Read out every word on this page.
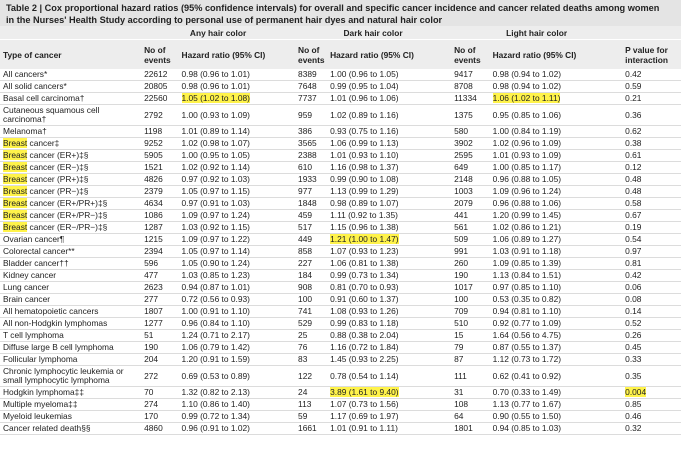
Table 2 | Cox proportional hazard ratios (95% confidence intervals) for overall and specific cancer incidence and cancer related deaths among women
in the Nurses' Health Study according to personal use of permanent hair dyes and natural hair color
	Any hair color		Dark hair color		Light hair color		
Type of cancer	No of events	Hazard ratio (95% CI)	No of events	Hazard ratio (95% CI)	No of events	Hazard ratio (95% CI)	P value for interaction
All cancers*	22612	0.98 (0.96 to 1.01)	8389	1.00 (0.96 to 1.05)	9417	0.98 (0.94 to 1.02)	0.42
All solid cancers*	20805	0.98 (0.96 to 1.01)	7648	0.99 (0.95 to 1.04)	8708	0.98 (0.94 to 1.02)	0.59
Basal cell carcinoma†	22560	1.05 (1.02 to 1.08)	7737	1.01 (0.96 to 1.06)	11334	1.06 (1.02 to 1.11)	0.21
Cutaneous squamous cell carcinoma†	2792	1.00 (0.93 to 1.09)	959	1.02 (0.89 to 1.16)	1375	0.95 (0.85 to 1.06)	0.36
Melanoma†	1198	1.01 (0.89 to 1.14)	386	0.93 (0.75 to 1.16)	580	1.00 (0.84 to 1.19)	0.62
Breast cancer‡	9252	1.02 (0.98 to 1.07)	3565	1.06 (0.99 to 1.13)	3902	1.02 (0.96 to 1.09)	0.38
Breast cancer (ER+)‡§	5905	1.00 (0.95 to 1.05)	2388	1.01 (0.93 to 1.10)	2595	1.01 (0.93 to 1.09)	0.61
Breast cancer (ER−)‡§	1521	1.02 (0.92 to 1.14)	610	1.16 (0.98 to 1.37)	649	1.00 (0.85 to 1.17)	0.12
Breast cancer (PR+)‡§	4826	0.97 (0.92 to 1.03)	1933	0.99 (0.90 to 1.08)	2148	0.96 (0.88 to 1.05)	0.48
Breast cancer (PR−)‡§	2379	1.05 (0.97 to 1.15)	977	1.13 (0.99 to 1.29)	1003	1.09 (0.96 to 1.24)	0.48
Breast cancer (ER+/PR+)‡§	4634	0.97 (0.91 to 1.03)	1848	0.98 (0.89 to 1.07)	2079	0.96 (0.88 to 1.06)	0.58
Breast cancer (ER+/PR−)‡§	1086	1.09 (0.97 to 1.24)	459	1.11 (0.92 to 1.35)	441	1.20 (0.99 to 1.45)	0.67
Breast cancer (ER−/PR−)‡§	1287	1.03 (0.92 to 1.15)	517	1.15 (0.96 to 1.38)	561	1.02 (0.86 to 1.21)	0.19
Ovarian cancer¶	1215	1.09 (0.97 to 1.22)	449	1.21 (1.00 to 1.47)	509	1.06 (0.89 to 1.27)	0.54
Colorectal cancer**	2394	1.05 (0.97 to 1.14)	858	1.07 (0.93 to 1.23)	991	1.03 (0.91 to 1.18)	0.97
Bladder cancer††	596	1.05 (0.90 to 1.24)	227	1.06 (0.81 to 1.38)	260	1.09 (0.85 to 1.39)	0.81
Kidney cancer	477	1.03 (0.85 to 1.23)	184	0.99 (0.73 to 1.34)	190	1.13 (0.84 to 1.51)	0.42
Lung cancer	2623	0.94 (0.87 to 1.01)	908	0.81 (0.70 to 0.93)	1017	0.97 (0.85 to 1.10)	0.06
Brain cancer	277	0.72 (0.56 to 0.93)	100	0.91 (0.60 to 1.37)	100	0.53 (0.35 to 0.82)	0.08
All hematopoietic cancers	1807	1.00 (0.91 to 1.10)	741	1.08 (0.93 to 1.26)	709	0.94 (0.81 to 1.10)	0.14
All non-Hodgkin lymphomas	1277	0.96 (0.84 to 1.10)	529	0.99 (0.83 to 1.18)	510	0.92 (0.77 to 1.09)	0.52
T cell lymphoma	51	1.24 (0.71 to 2.17)	25	0.88 (0.38 to 2.04)	15	1.64 (0.56 to 4.75)	0.26
Diffuse large B cell lymphoma	190	1.06 (0.79 to 1.42)	76	1.16 (0.72 to 1.84)	79	0.87 (0.55 to 1.37)	0.45
Follicular lymphoma	204	1.20 (0.91 to 1.59)	83	1.45 (0.93 to 2.25)	87	1.12 (0.73 to 1.72)	0.33
Chronic lymphocytic leukemia or small lymphocytic lymphoma	272	0.69 (0.53 to 0.89)	122	0.78 (0.54 to 1.14)	111	0.62 (0.41 to 0.92)	0.35
Hodgkin lymphoma‡‡	70	1.32 (0.82 to 2.13)	24	3.89 (1.61 to 9.40)	31	0.70 (0.33 to 1.49)	0.004
Multiple myeloma‡‡	274	1.10 (0.86 to 1.40)	113	1.07 (0.73 to 1.56)	108	1.13 (0.77 to 1.67)	0.85
Myeloid leukemias	170	0.99 (0.72 to 1.34)	59	1.17 (0.69 to 1.97)	64	0.90 (0.55 to 1.50)	0.46
Cancer related death§§	4860	0.96 (0.91 to 1.02)	1661	1.01 (0.91 to 1.11)	1801	0.94 (0.85 to 1.03)	0.32
